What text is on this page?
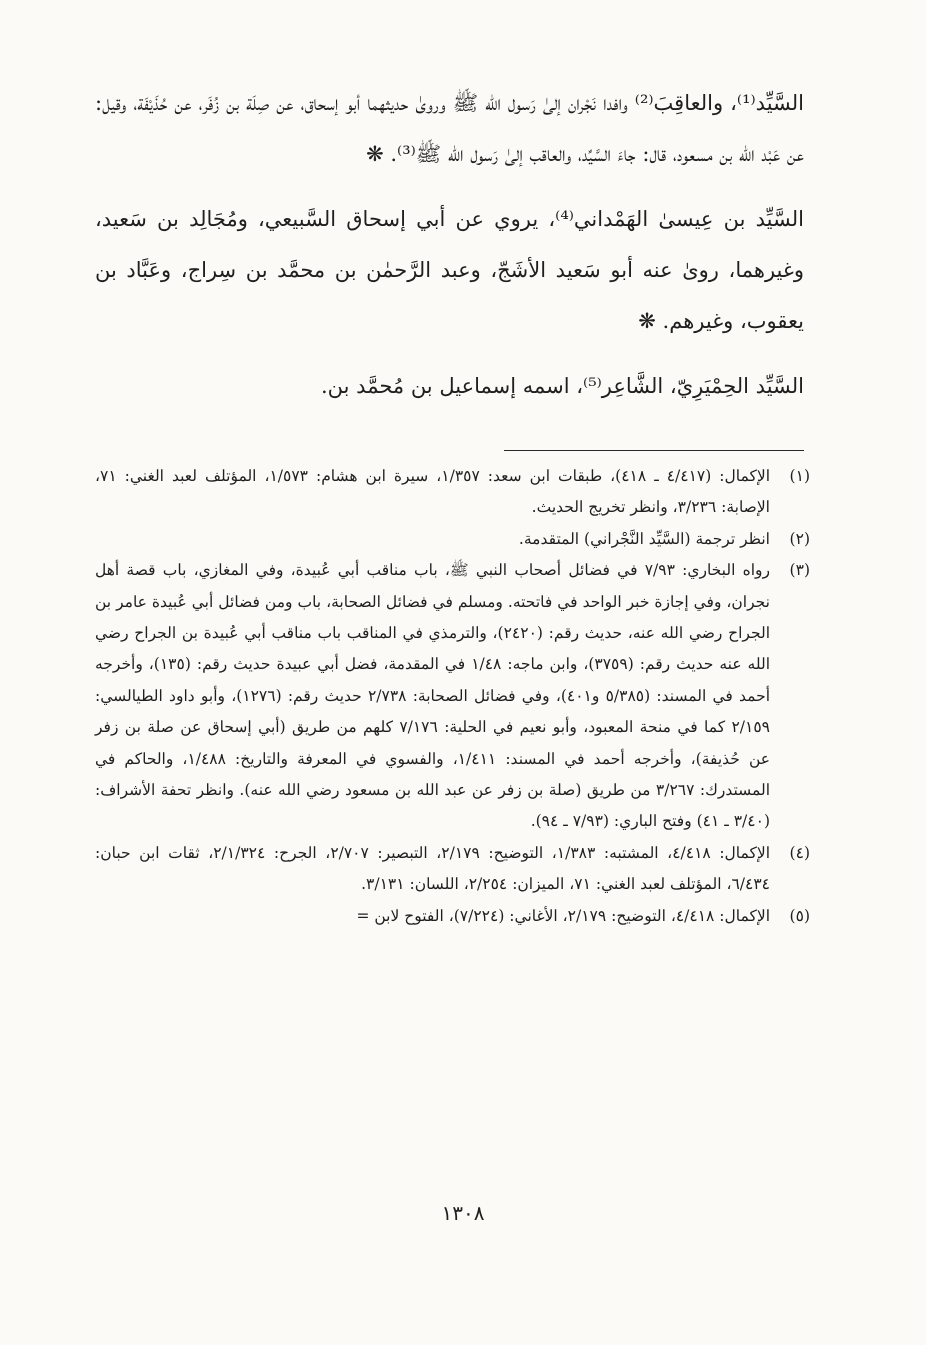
السَّيِّد⁽¹⁾، والعاقِبَ⁽²⁾ وافدا نَجْران إلىٰ رَسول الله ﷺ وروىٰ حديثهما أبو إسحاق، عن صِلَة بن زُفَر، عن حُذَيْفَة، وقيل: عن عَبْد الله بن مسعود، قال: جاءَ السَّيِّد، والعاقب إلىٰ رَسول الله ﷺ⁽³⁾. ❋

السَّيِّد بن عِيسىٰ الهَمْداني⁽⁴⁾، يروي عن أبي إسحاق السَّبيعي، ومُجَالِد بن سَعيد، وغيرهما، روىٰ عنه أبو سَعيد الأشَجّ، وعبد الرَّحمٰن بن محمَّد بن سِراج، وعَبَّاد بن يعقوب، وغيرهم. ❋

السَّيِّد الحِمْيَرِيّ، الشَّاعِر⁽⁵⁾، اسمه إسماعيل بن مُحمَّد بن.

(١)
الإكمال: (٤/٤١٧ ـ ٤١٨)، طبقات ابن سعد: ١/٣٥٧، سيرة ابن هشام: ١/٥٧٣، المؤتلف لعبد الغني: ٧١، الإصابة: ٣/٢٣٦، وانظر تخريج الحديث.

(٢)
انظر ترجمة (السَّيِّد النَّجْراني) المتقدمة.

(٣)
رواه البخاري: ٧/٩٣ في فضائل أصحاب النبي ﷺ، باب مناقب أبي عُبيدة، وفي المغازي، باب قصة أهل نجران، وفي إجازة خبر الواحد في فاتحته. ومسلم في فضائل الصحابة، باب ومن فضائل أبي عُبيدة عامر بن الجراح رضي الله عنه، حديث رقم: (٢٤٢٠)، والترمذي في المناقب باب مناقب أبي عُبيدة بن الجراح رضي الله عنه حديث رقم: (٣٧٥٩)، وابن ماجه: ١/٤٨ في المقدمة، فضل أبي عبيدة حديث رقم: (١٣٥)، وأخرجه أحمد في المسند: (٥/٣٨٥ و٤٠١)، وفي فضائل الصحابة: ٢/٧٣٨ حديث رقم: (١٢٧٦)، وأبو داود الطيالسي: ٢/١٥٩ كما في منحة المعبود، وأبو نعيم في الحلية: ٧/١٧٦ كلهم من طريق (أبي إسحاق عن صلة بن زفر عن حُذيفة)، وأخرجه أحمد في المسند: ١/٤١١، والفسوي في المعرفة والتاريخ: ١/٤٨٨، والحاكم في المستدرك: ٣/٢٦٧ من طريق (صلة بن زفر عن عبد الله بن مسعود رضي الله عنه). وانظر تحفة الأشراف: (٣/٤٠ ـ ٤١) وفتح الباري: (٧/٩٣ ـ ٩٤).

(٤)
الإكمال: ٤/٤١٨، المشتبه: ١/٣٨٣، التوضيح: ٢/١٧٩، التبصير: ٢/٧٠٧، الجرح: ٢/١/٣٢٤، ثقات ابن حبان: ٦/٤٣٤، المؤتلف لعبد الغني: ٧١، الميزان: ٢/٢٥٤، اللسان: ٣/١٣١.

(٥)
الإكمال: ٤/٤١٨، التوضيح: ٢/١٧٩، الأغاني: (٧/٢٢٤)، الفتوح لابن =

١٣٠٨
